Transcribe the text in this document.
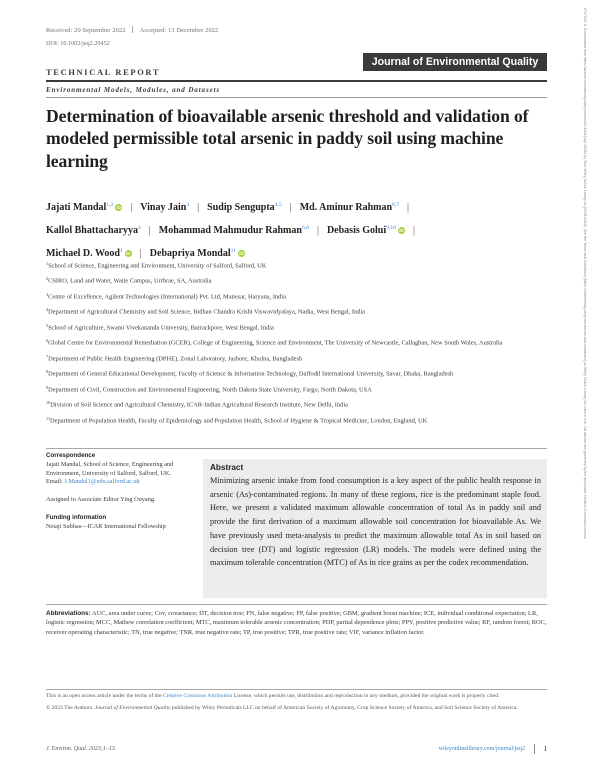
8727523, 0, Downloaded from https://acsess.onlinelibrary.wiley.com/doi/10.1002/jeq2.20452 by Test, Wiley Online Library on [20/01/2023]. See the Terms and Conditions (https://onlinelibrary.wiley.com/terms-and-conditions) on Wiley Online Library for rules of use; OA articles are governed by the applicable Creative Commons License
Received: 20 September 2022 Accepted: 13 December 2022
DOI: 10.1002/jeq2.20452
Journal of Environmental Quality
TECHNICAL REPORT
Environmental Models, Modules, and Datasets
Determination of bioavailable arsenic threshold and validation of modeled permissible total arsenic in paddy soil using machine learning
Jajati Mandal$^{1,2}$ iD | Vinay Jain$^3$ | Sudip Sengupta$^{4,5}$ | Md. Aminur Rahman$^{6,7}$ |
Kallol Bhattacharyya$^4$ | Mohammad Mahmudur Rahman$^{6,8}$ | Debasis Golui$^{9,10}$ iD |
Michael D. Wood$^1$ iD | Debapriya Mondal$^{11}$ iD
$^1$School of Science, Engineering and Environment, University of Salford, Salford, UK
$^2$CSIRO, Land and Water, Waite Campus, Urrbrae, SA, Australia
$^3$Centre of Excellence, Agilent Technologies (International) Pvt. Ltd, Manesar, Haryana, India
$^4$Department of Agricultural Chemistry and Soil Science, Bidhan Chandra Krishi Viswavidyalaya, Nadia, West Bengal, India
$^5$School of Agriculture, Swami Vivekananda University, Barrackpore, West Bengal, India
$^6$Global Centre for Environmental Remediation (GCER), College of Engineering, Science and Environment, The University of Newcastle, Callaghan, New South Wales, Australia
$^7$Department of Public Health Engineering (DPHE), Zonal Laboratory, Jashore, Khulna, Bangladesh
$^8$Department of General Educational Development, Faculty of Science & Information Technology, Daffodil International University, Savar, Dhaka, Bangladesh
$^9$Department of Civil, Construction and Environmental Engineering, North Dakota State University, Fargo, North Dakota, USA
$^{10}$Division of Soil Science and Agricultural Chemistry, ICAR-Indian Agricultural Research Institute, New Delhi, India
$^{11}$Department of Population Health, Faculty of Epidemiology and Population Health, School of Hygiene & Tropical Medicine, London, England, UK
Correspondence
Jajati Mandal, School of Science, Engineering and Environment, University of Salford, Salford, UK.
Email: J.Mandal1@edu.salford.ac.uk
Assigned to Associate Editor Ying Ouyang.
Funding information
Netaji Subhas—ICAR International Fellowship
Abstract

Minimizing arsenic intake from food consumption is a key aspect of the public health response in arsenic (As)-contaminated regions. In many of these regions, rice is the predominant staple food. Here, we present a validated maximum allowable concentration of total As in paddy soil and provide the first derivation of a maximum allowable soil concentration for bioavailable As. We have previously used meta-analysis to predict the maximum allowable total As in soil based on decision tree (DT) and logistic regression (LR) models. The models were defined using the maximum tolerable concentration (MTC) of As in rice grains as per the codex recommendation.

Abbreviations: AUC, area under curve; Cov, covariance; DT, decision tree; FN, false negative; FP, false positive; GBM, gradient boost machine; ICE, individual conditional expectation; LR, logistic regression; MCC, Mathew correlation coefficient; MTC, maximum tolerable arsenic concentration; PDP, partial dependence plots; PPV, positive predictive value; RF, random forest; ROC, receiver operating characteristic; TN, true negative; TNR, true negative rate; TP, true positive; TPR, true positive rate; VIF, variance inflation factor.

This is an open access article under the terms of the Creative Commons Attribution License, which permits use, distribution and reproduction in any medium, provided the original work is properly cited.

© 2023 The Authors. Journal of Environmental Quality published by Wiley Periodicals LLC on behalf of American Society of Agronomy, Crop Science Society of America, and Soil Science Society of America.

J. Environ. Qual. 2023;1–13.	wileyonlinelibrary.com/journal/jeq2	1
